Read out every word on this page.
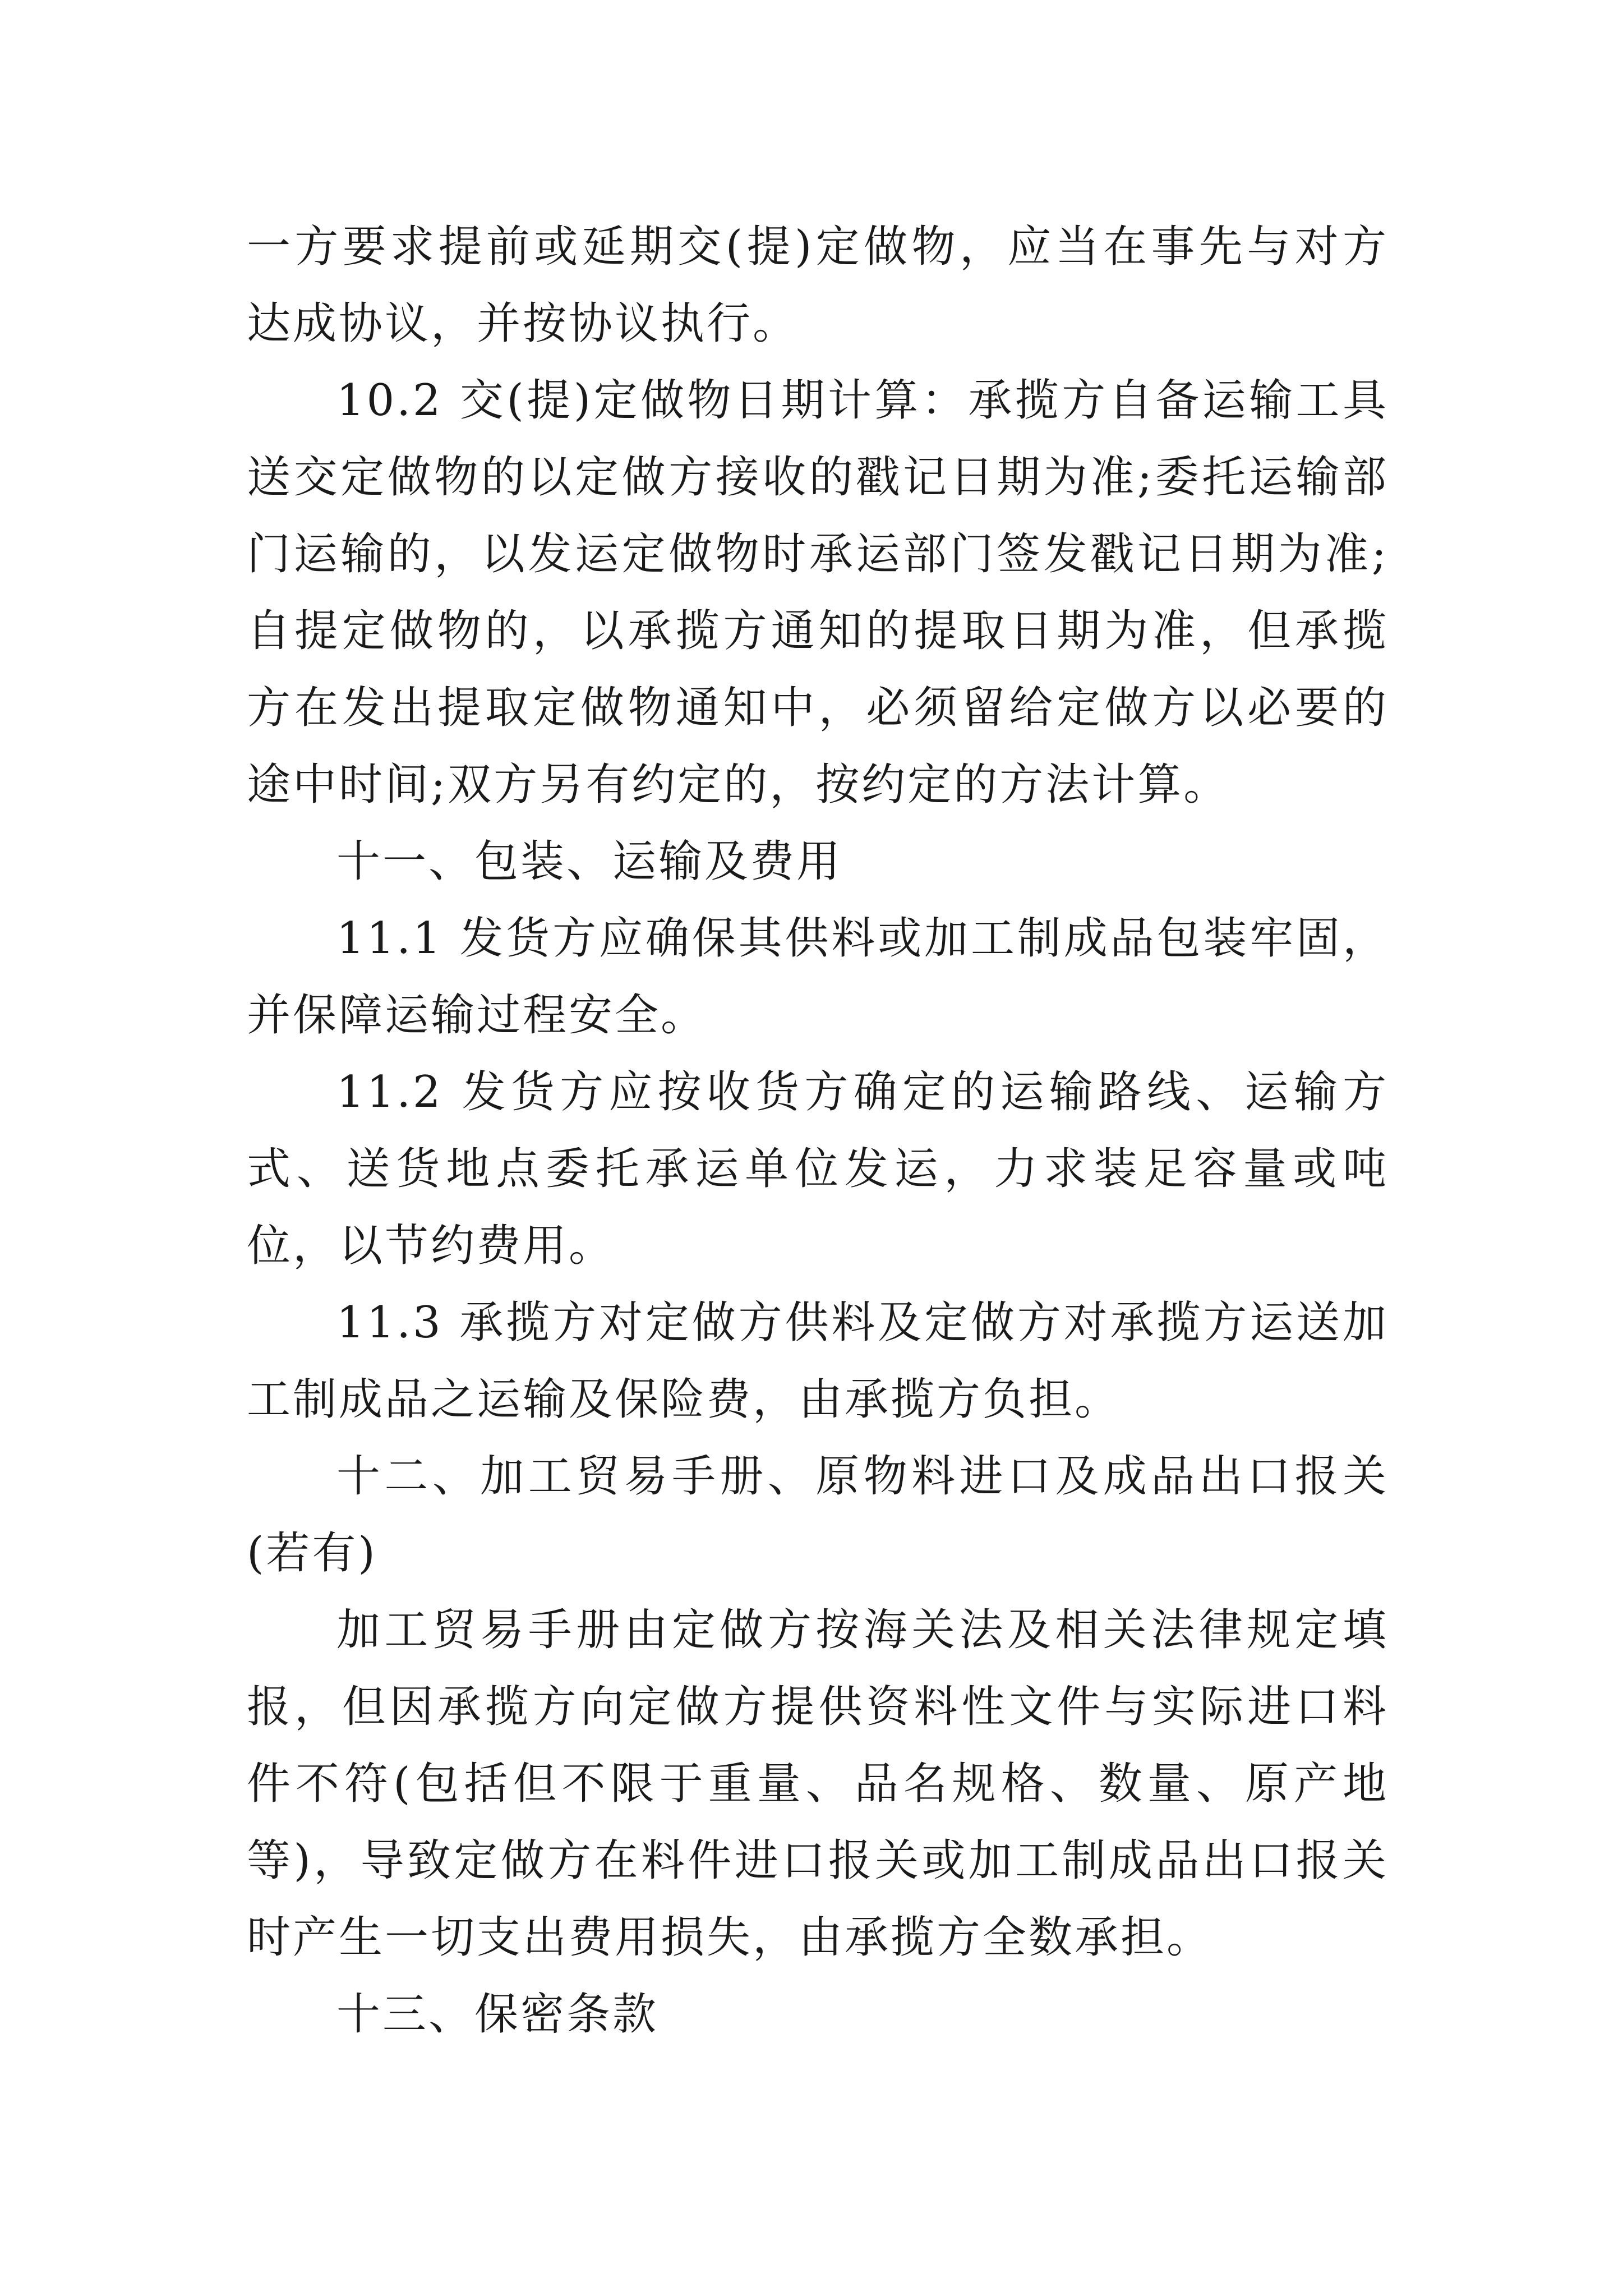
一方要求提前或延期交(提)定做物，应当在事先与对方达成协议，并按协议执行。

10.2 交(提)定做物日期计算：承揽方自备运输工具送交定做物的以定做方接收的戳记日期为准;委托运输部门运输的，以发运定做物时承运部门签发戳记日期为准;自提定做物的，以承揽方通知的提取日期为准，但承揽方在发出提取定做物通知中，必须留给定做方以必要的途中时间;双方另有约定的，按约定的方法计算。

十一、包装、运输及费用

11.1 发货方应确保其供料或加工制成品包装牢固，并保障运输过程安全。

11.2 发货方应按收货方确定的运输路线、运输方式、送货地点委托承运单位发运，力求装足容量或吨位，以节约费用。

11.3 承揽方对定做方供料及定做方对承揽方运送加工制成品之运输及保险费，由承揽方负担。

十二、加工贸易手册、原物料进口及成品出口报关(若有)

加工贸易手册由定做方按海关法及相关法律规定填报，但因承揽方向定做方提供资料性文件与实际进口料件不符(包括但不限于重量、品名规格、数量、原产地等)，导致定做方在料件进口报关或加工制成品出口报关时产生一切支出费用损失，由承揽方全数承担。

十三、保密条款
